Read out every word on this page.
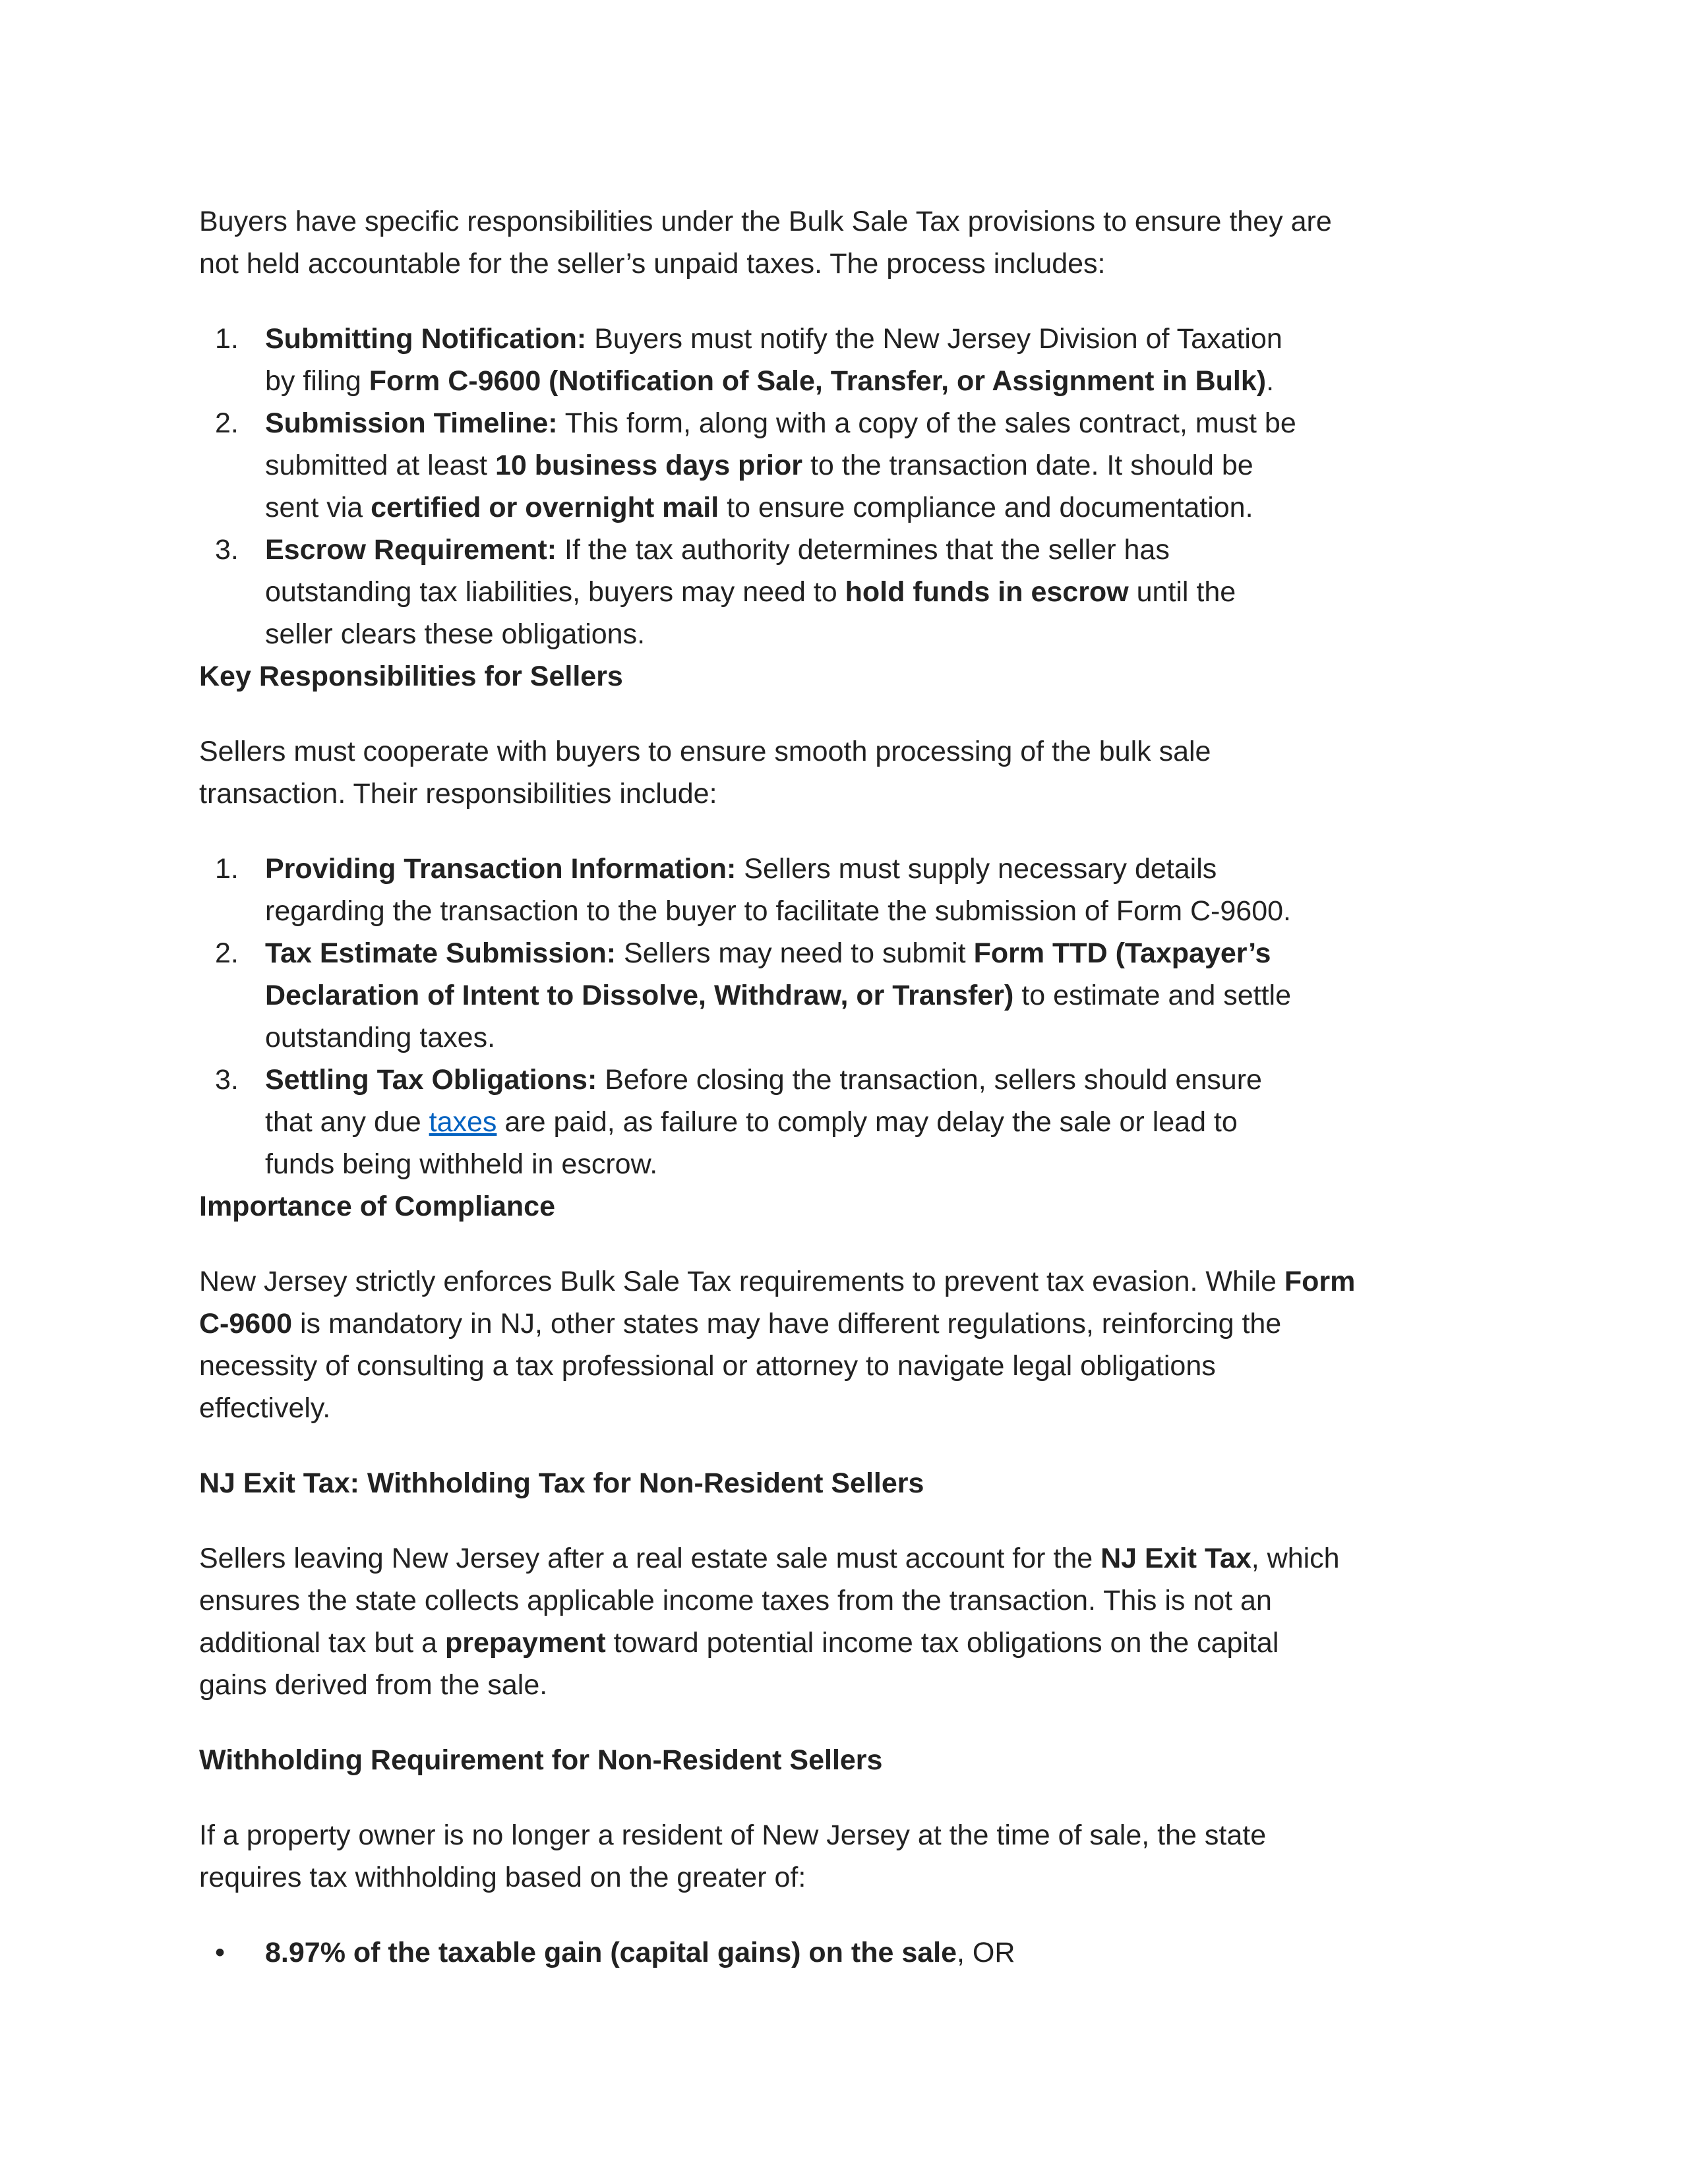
Buyers have specific responsibilities under the Bulk Sale Tax provisions to ensure they are
not held accountable for the seller’s unpaid taxes. The process includes:
1. Submitting Notification: Buyers must notify the New Jersey Division of Taxation
by filing Form C-9600 (Notification of Sale, Transfer, or Assignment in Bulk).
2. Submission Timeline: This form, along with a copy of the sales contract, must be
submitted at least 10 business days prior to the transaction date. It should be
sent via certified or overnight mail to ensure compliance and documentation.
3. Escrow Requirement: If the tax authority determines that the seller has
outstanding tax liabilities, buyers may need to hold funds in escrow until the
seller clears these obligations.
Key Responsibilities for Sellers
Sellers must cooperate with buyers to ensure smooth processing of the bulk sale
transaction. Their responsibilities include:
1. Providing Transaction Information: Sellers must supply necessary details
regarding the transaction to the buyer to facilitate the submission of Form C-9600.
2. Tax Estimate Submission: Sellers may need to submit Form TTD (Taxpayer’s
Declaration of Intent to Dissolve, Withdraw, or Transfer) to estimate and settle
outstanding taxes.
3. Settling Tax Obligations: Before closing the transaction, sellers should ensure
that any due taxes are paid, as failure to comply may delay the sale or lead to
funds being withheld in escrow.
Importance of Compliance
New Jersey strictly enforces Bulk Sale Tax requirements to prevent tax evasion. While Form
C-9600 is mandatory in NJ, other states may have different regulations, reinforcing the
necessity of consulting a tax professional or attorney to navigate legal obligations
effectively.
NJ Exit Tax: Withholding Tax for Non-Resident Sellers
Sellers leaving New Jersey after a real estate sale must account for the NJ Exit Tax, which
ensures the state collects applicable income taxes from the transaction. This is not an
additional tax but a prepayment toward potential income tax obligations on the capital
gains derived from the sale.
Withholding Requirement for Non-Resident Sellers
If a property owner is no longer a resident of New Jersey at the time of sale, the state
requires tax withholding based on the greater of:
• 8.97% of the taxable gain (capital gains) on the sale, OR
